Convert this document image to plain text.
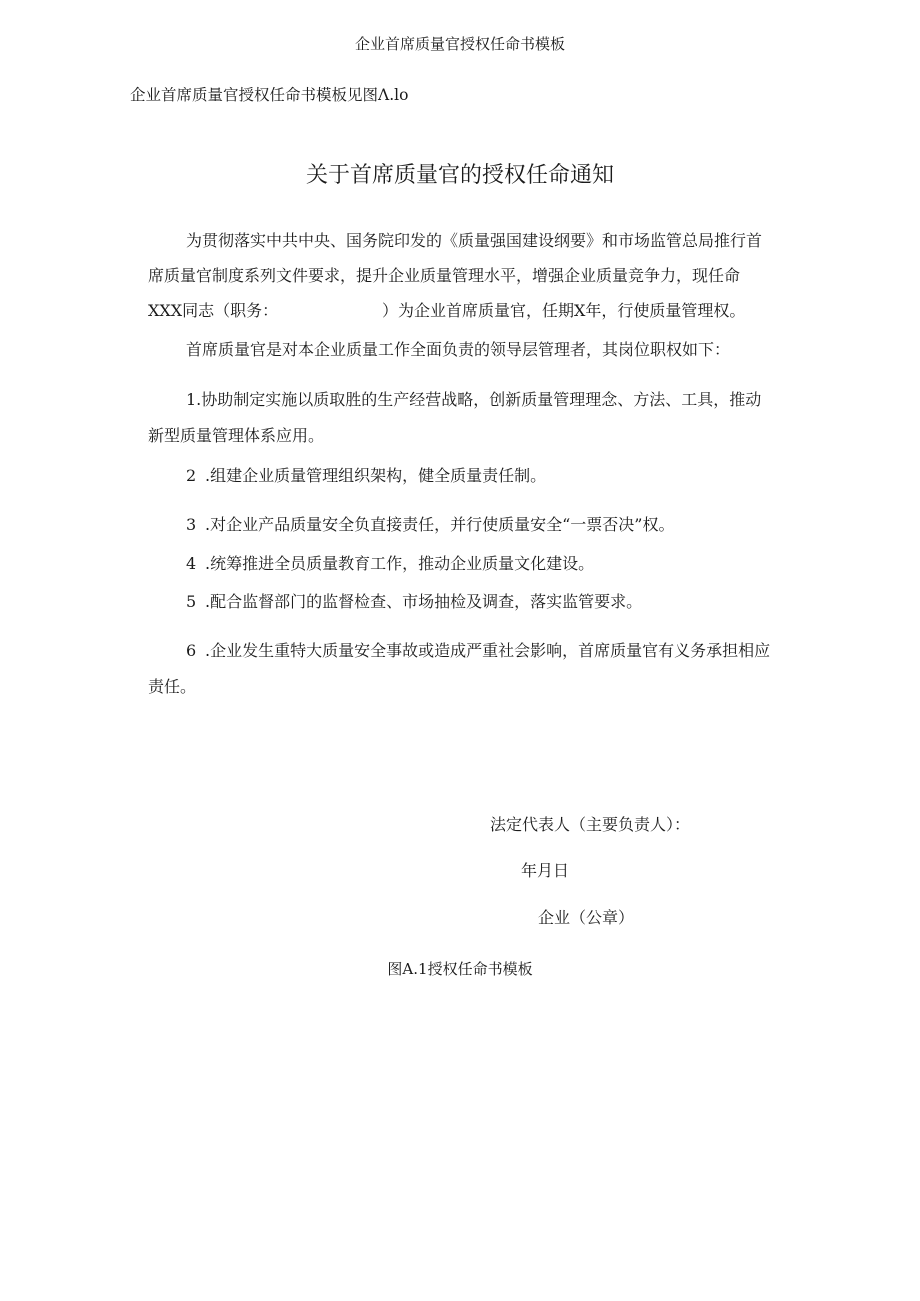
企业首席质量官授权任命书模板
企业首席质量官授权任命书模板见图Λ.lo
关于首席质量官的授权任命通知
为贯彻落实中共中央、国务院印发的《质量强国建设纲要》和市场监管总局推行首
席质量官制度系列文件要求，提升企业质量管理水平，增强企业质量竞争力，现任命
XXX同志（职务：	）为企业首席质量官，任期X年，行使质量管理权。
首席质量官是对本企业质量工作全面负责的领导层管理者，其岗位职权如下：
1.协助制定实施以质取胜的生产经营战略，创新质量管理理念、方法、工具，推动
新型质量管理体系应用。
2 .组建企业质量管理组织架构，健全质量责任制。
3 .对企业产品质量安全负直接责任，并行使质量安全“一票否决”权。
4 .统筹推进全员质量教育工作，推动企业质量文化建设。
5 .配合监督部门的监督检查、市场抽检及调查，落实监管要求。
6 .企业发生重特大质量安全事故或造成严重社会影响，首席质量官有义务承担相应
责任。
法定代表人（主要负责人）：
年月日
企业（公章）
图A.1授权任命书模板
